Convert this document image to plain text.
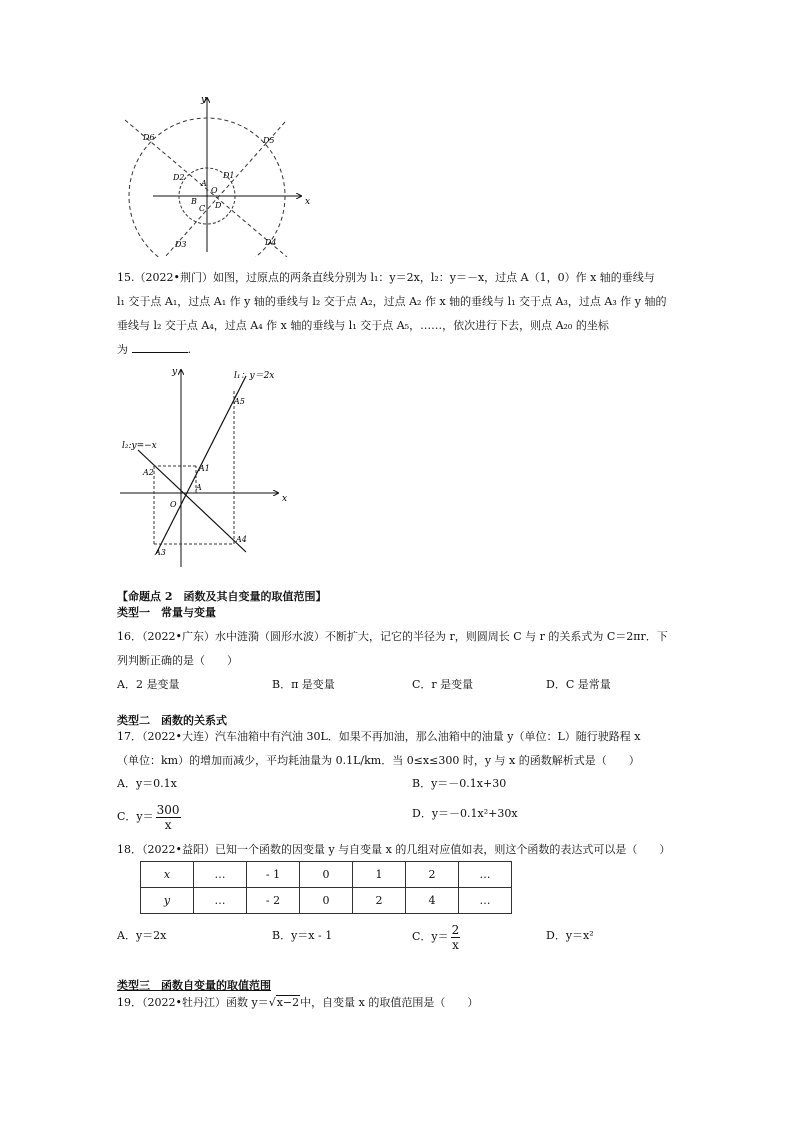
x
y
D6	D5
D2
A
D1
O
B
C D
D3	D4
15.（2022•荆门）如图，过原点的两条直线分别为 l₁：y＝2x，l₂：y＝－x，过点 A（1，0）作 x 轴的垂线与
l₁ 交于点 A₁，过点 A₁ 作 y 轴的垂线与 l₂ 交于点 A₂，过点 A₂ 作 x 轴的垂线与 l₁ 交于点 A₃，过点 A₃ 作 y 轴的
垂线与 l₂ 交于点 A₄，过点 A₄ 作 x 轴的垂线与 l₁ 交于点 A₅，……，依次进行下去，则点 A₂₀ 的坐标
为	.
x
y	l₁：y＝2x
l₂:y=−x
A5
A1
A2
A
O
A3
A4
【命题点 2　函数及其自变量的取值范围】
类型一　常量与变量
16．（2022•广东）水中涟漪（圆形水波）不断扩大，记它的半径为 r，则圆周长 C 与 r 的关系式为 C＝2πr．下
列判断正确的是（　　）
A．2 是变量	B．π 是变量	C．r 是变量	D．C 是常量
类型二　函数的关系式
17．（2022•大连）汽车油箱中有汽油 30L．如果不再加油，那么油箱中的油量 y（单位：L）随行驶路程 x
（单位：km）的增加而减少，平均耗油量为 0.1L/km．当 0≤x≤300 时，y 与 x 的函数解析式是（　　）
A．y＝0.1x	B．y＝－0.1x+30
C．$y= \frac{300}{x}$	D．y＝－0.1x²+30x
18．（2022•益阳）已知一个函数的因变量 y 与自变量 x 的几组对应值如表，则这个函数的表达式可以是（　　）
x	…	- 1	0	1	2	…
y	…	- 2	0	2	4	…
A．y＝2x	B．y＝x - 1	C．$y= \frac{2}{x}$	D．y＝x²
类型三　函数自变量的取值范围
19．（2022•牡丹江）函数 y＝√x−2中，自变量 x 的取值范围是（　　）
